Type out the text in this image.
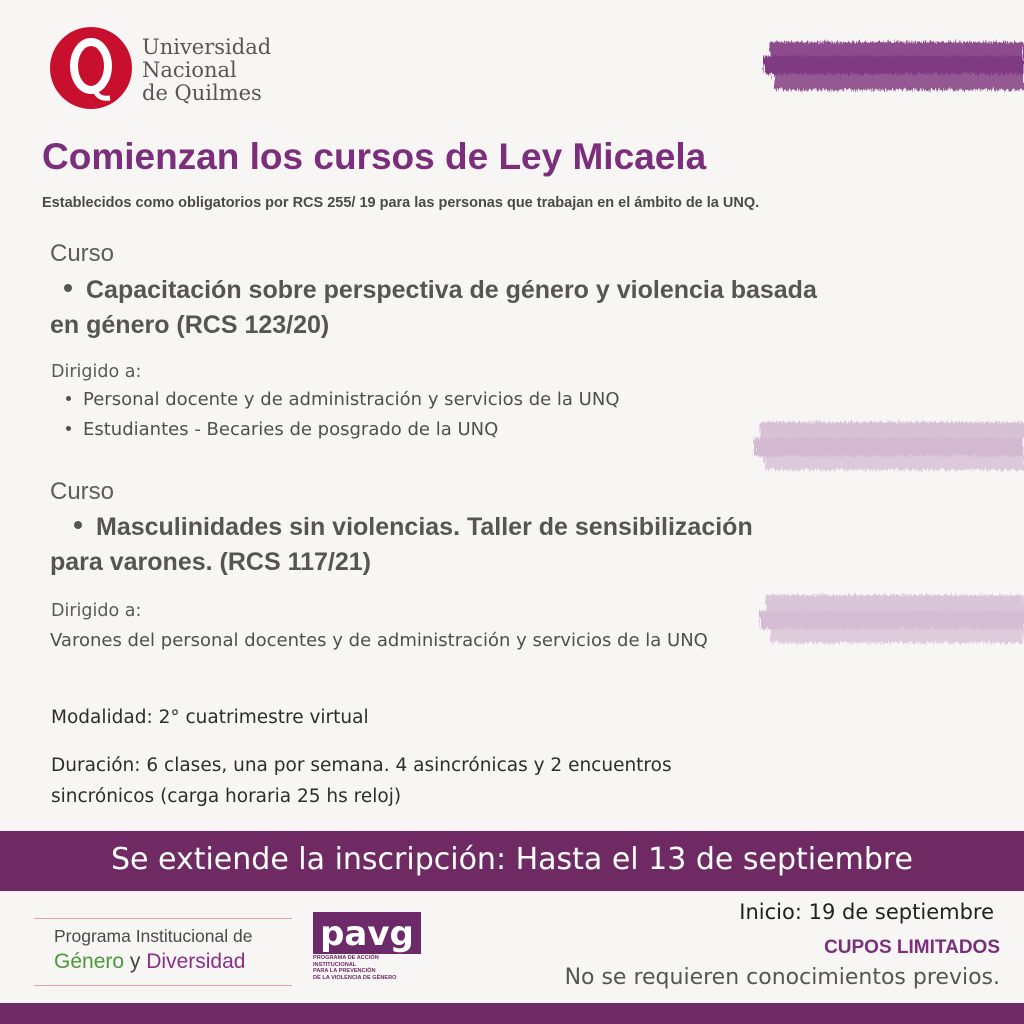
Universidad
Nacional
de Quilmes
Comienzan los cursos de Ley Micaela
Establecidos como obligatorios por RCS 255/ 19 para las personas que trabajan en el ámbito de la UNQ.
Curso
Capacitación sobre perspectiva de género y violencia basada
en género (RCS 123/20)
Dirigido a:
Personal docente y de administración y servicios de la UNQ
Estudiantes - Becaries de posgrado de la UNQ
Curso
Masculinidades sin violencias. Taller de sensibilización
para varones. (RCS 117/21)
Dirigido a:
Varones del personal docentes y de administración y servicios de la UNQ
Modalidad: 2° cuatrimestre virtual
Duración: 6 clases, una por semana. 4 asincrónicas y 2 encuentros
sincrónicos (carga horaria 25 hs reloj)
Se extiende la inscripción: Hasta el 13 de septiembre
Programa Institucional de
Género y Diversidad
pavg
PROGRAMA DE ACCIÓN
INSTITUCIONAL
PARA LA PREVENCIÓN
DE LA VIOLENCIA DE GÉNERO
Inicio: 19 de septiembre
CUPOS LIMITADOS
No se requieren conocimientos previos.
